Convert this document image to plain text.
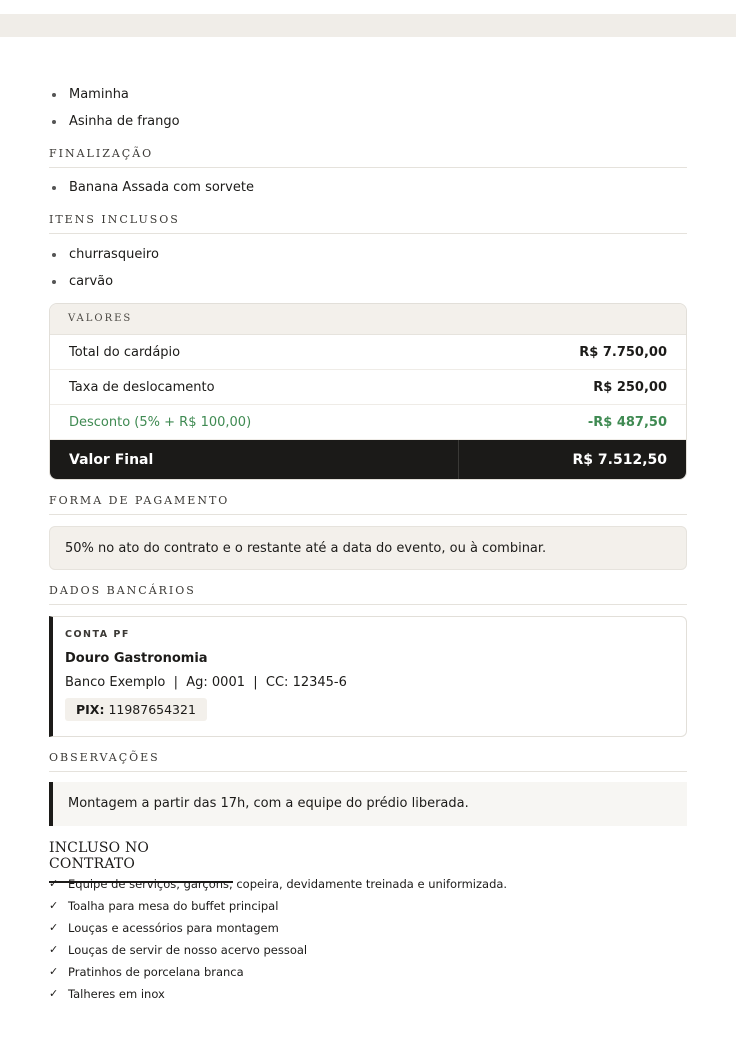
Maminha
Asinha de frango
FINALIZAÇÃO
Banana Assada com sorvete
ITENS INCLUSOS
churrasqueiro
carvão
VALORES
Total do cardápio	R$ 7.750,00
Taxa de deslocamento	R$ 250,00
Desconto (5% + R$ 100,00)	-R$ 487,50
Valor Final	R$ 7.512,50
FORMA DE PAGAMENTO
50% no ato do contrato e o restante até a data do evento, ou à combinar.
DADOS BANCÁRIOS
CONTA PF
Douro Gastronomia
Banco Exemplo  |  Ag: 0001  |  CC: 12345-6
PIX: 11987654321
OBSERVAÇÕES
Montagem a partir das 17h, com a equipe do prédio liberada.
INCLUSO NO CONTRATO
✓ Equipe de serviços, garçons, copeira, devidamente treinada e uniformizada.
✓ Toalha para mesa do buffet principal
✓ Louças e acessórios para montagem
✓ Louças de servir de nosso acervo pessoal
✓ Pratinhos de porcelana branca
✓ Talheres em inox
